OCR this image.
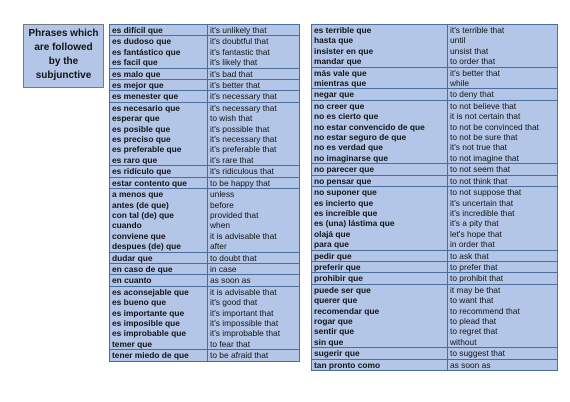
Phrases which
are followed
by the
subjunctive
es difícil que	it's unlikely that
es dudoso que	it's doubtful that
es fantástico que	it's fantastic that
es facil que	it's likely that
es malo que	it's bad that
es mejor que	it's better that
es menester que	it's necessary that
es necesario que	it's necessary that
esperar que	to wish that
es posible que	it's possible that
es preciso que	it's necessary that
es preferable que	it's preferable that
es raro que	it's rare that
es ridículo que	it's ridiculous that
estar contento que	to be happy that
a menos que	unless
antes (de que)	before
con tal (de) que	provided that
cuando	when
conviene que	it is advisable that
despues (de) que	after
dudar que	to doubt that
en caso de que	in case
en cuanto	as soon as
es aconsejable que	it is advisable that
es bueno que	it's good that
es importante que	it's important that
es imposible que	it's impossible that
es improbable que	it's improbable that
temer que	to fear that
tener miedo de que	to be afraid that
es terrible que	it's terrible that
hasta que	until
insister en que	unsist that
mandar que	to order that
más vale que	it's better that
mientras que	while
negar que	to deny that
no creer que	to not believe that
no es cierto que	it is not certain that
no estar convencido de que	to not be convinced that
no estar seguro de que	to not be sure that
no es verdad que	it's not true that
no imaginarse que	to not imagine that
no parecer que	to not seem that
no pensar que	to not think that
no suponer que	to not suppose that
es incierto que	it's uncertain that
es increíble que	it's incredible that
es (una) lástima que	it's a pity that
olajá que	let's hope that
para que	in order that
pedir que	to ask that
preferir que	to prefer that
prohibir que	to prohibit that
puede ser que	it may be that
querer que	to want that
recomendar que	to recommend that
rogar que	to plead that
sentir que	to regret that
sin que	without
sugerir que	to suggest that
tan pronto como	as soon as
